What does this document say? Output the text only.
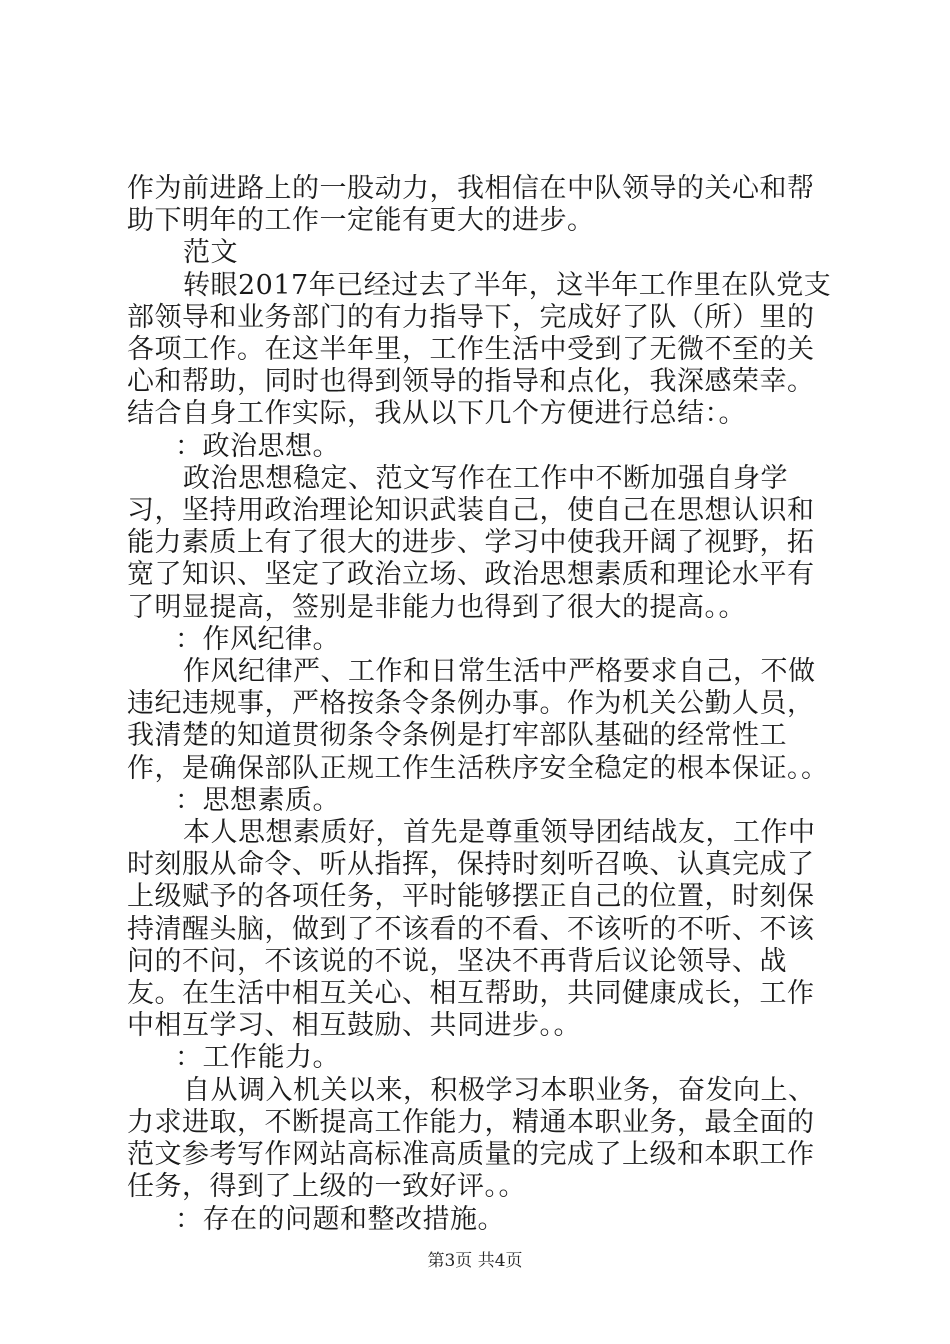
作为前进路上的一股动力，我相信在中队领导的关心和帮助下明年的工作一定能有更大的进步。

范文

转眼2017年已经过去了半年，这半年工作里在队党支部领导和业务部门的有力指导下，完成好了队（所）里的各项工作。在这半年里，工作生活中受到了无微不至的关心和帮助，同时也得到领导的指导和点化，我深感荣幸。结合自身工作实际，我从以下几个方便进行总结：。

：政治思想。

政治思想稳定、范文写作在工作中不断加强自身学习，坚持用政治理论知识武装自己，使自己在思想认识和能力素质上有了很大的进步、学习中使我开阔了视野，拓宽了知识、坚定了政治立场、政治思想素质和理论水平有了明显提高，签别是非能力也得到了很大的提高。。

：作风纪律。

作风纪律严、工作和日常生活中严格要求自己，不做违纪违规事，严格按条令条例办事。作为机关公勤人员，我清楚的知道贯彻条令条例是打牢部队基础的经常性工作，是确保部队正规工作生活秩序安全稳定的根本保证。。

：思想素质。

本人思想素质好，首先是尊重领导团结战友，工作中时刻服从命令、听从指挥，保持时刻听召唤、认真完成了上级赋予的各项任务，平时能够摆正自己的位置，时刻保持清醒头脑，做到了不该看的不看、不该听的不听、不该问的不问，不该说的不说，坚决不再背后议论领导、战友。在生活中相互关心、相互帮助，共同健康成长，工作中相互学习、相互鼓励、共同进步。。

：工作能力。

自从调入机关以来，积极学习本职业务，奋发向上、力求进取，不断提高工作能力，精通本职业务，最全面的范文参考写作网站高标准高质量的完成了上级和本职工作任务，得到了上级的一致好评。。

：存在的问题和整改措施。

第3页 共4页
